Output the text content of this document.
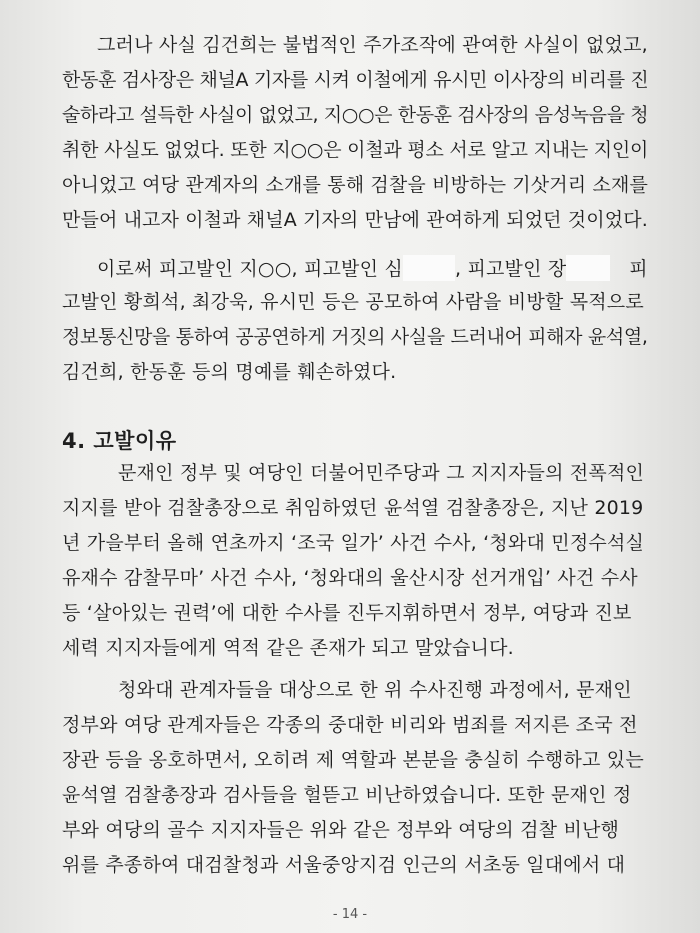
그러나 사실 김건희는 불법적인 주가조작에 관여한 사실이 없었고,
한동훈 검사장은 채널A 기자를 시켜 이철에게 유시민 이사장의 비리를 진
술하라고 설득한 사실이 없었고, 지○○은 한동훈 검사장의 음성녹음을 청
취한 사실도 없었다. 또한 지○○은 이철과 평소 서로 알고 지내는 지인이
아니었고 여당 관계자의 소개를 통해 검찰을 비방하는 기삿거리 소재를
만들어 내고자 이철과 채널A 기자의 만남에 관여하게 되었던 것이었다.
이로써 피고발인 지○○, 피고발인 심	, 피고발인 장	피
고발인 황희석, 최강욱, 유시민 등은 공모하여 사람을 비방할 목적으로
정보통신망을 통하여 공공연하게 거짓의 사실을 드러내어 피해자 윤석열,
김건희, 한동훈 등의 명예를 훼손하였다.
4. 고발이유
문재인 정부 및 여당인 더불어민주당과 그 지지자들의 전폭적인
지지를 받아 검찰총장으로 취임하였던 윤석열 검찰총장은, 지난 2019
년 가을부터 올해 연초까지 ‘조국 일가’ 사건 수사, ‘청와대 민정수석실
유재수 감찰무마’ 사건 수사, ‘청와대의 울산시장 선거개입’ 사건 수사
등 ‘살아있는 권력’에 대한 수사를 진두지휘하면서 정부, 여당과 진보
세력 지지자들에게 역적 같은 존재가 되고 말았습니다.
청와대 관계자들을 대상으로 한 위 수사진행 과정에서, 문재인
정부와 여당 관계자들은 각종의 중대한 비리와 범죄를 저지른 조국 전
장관 등을 옹호하면서, 오히려 제 역할과 본분을 충실히 수행하고 있는
윤석열 검찰총장과 검사들을 헐뜯고 비난하였습니다. 또한 문재인 정
부와 여당의 골수 지지자들은 위와 같은 정부와 여당의 검찰 비난행
위를 추종하여 대검찰청과 서울중앙지검 인근의 서초동 일대에서 대
- 14 -
